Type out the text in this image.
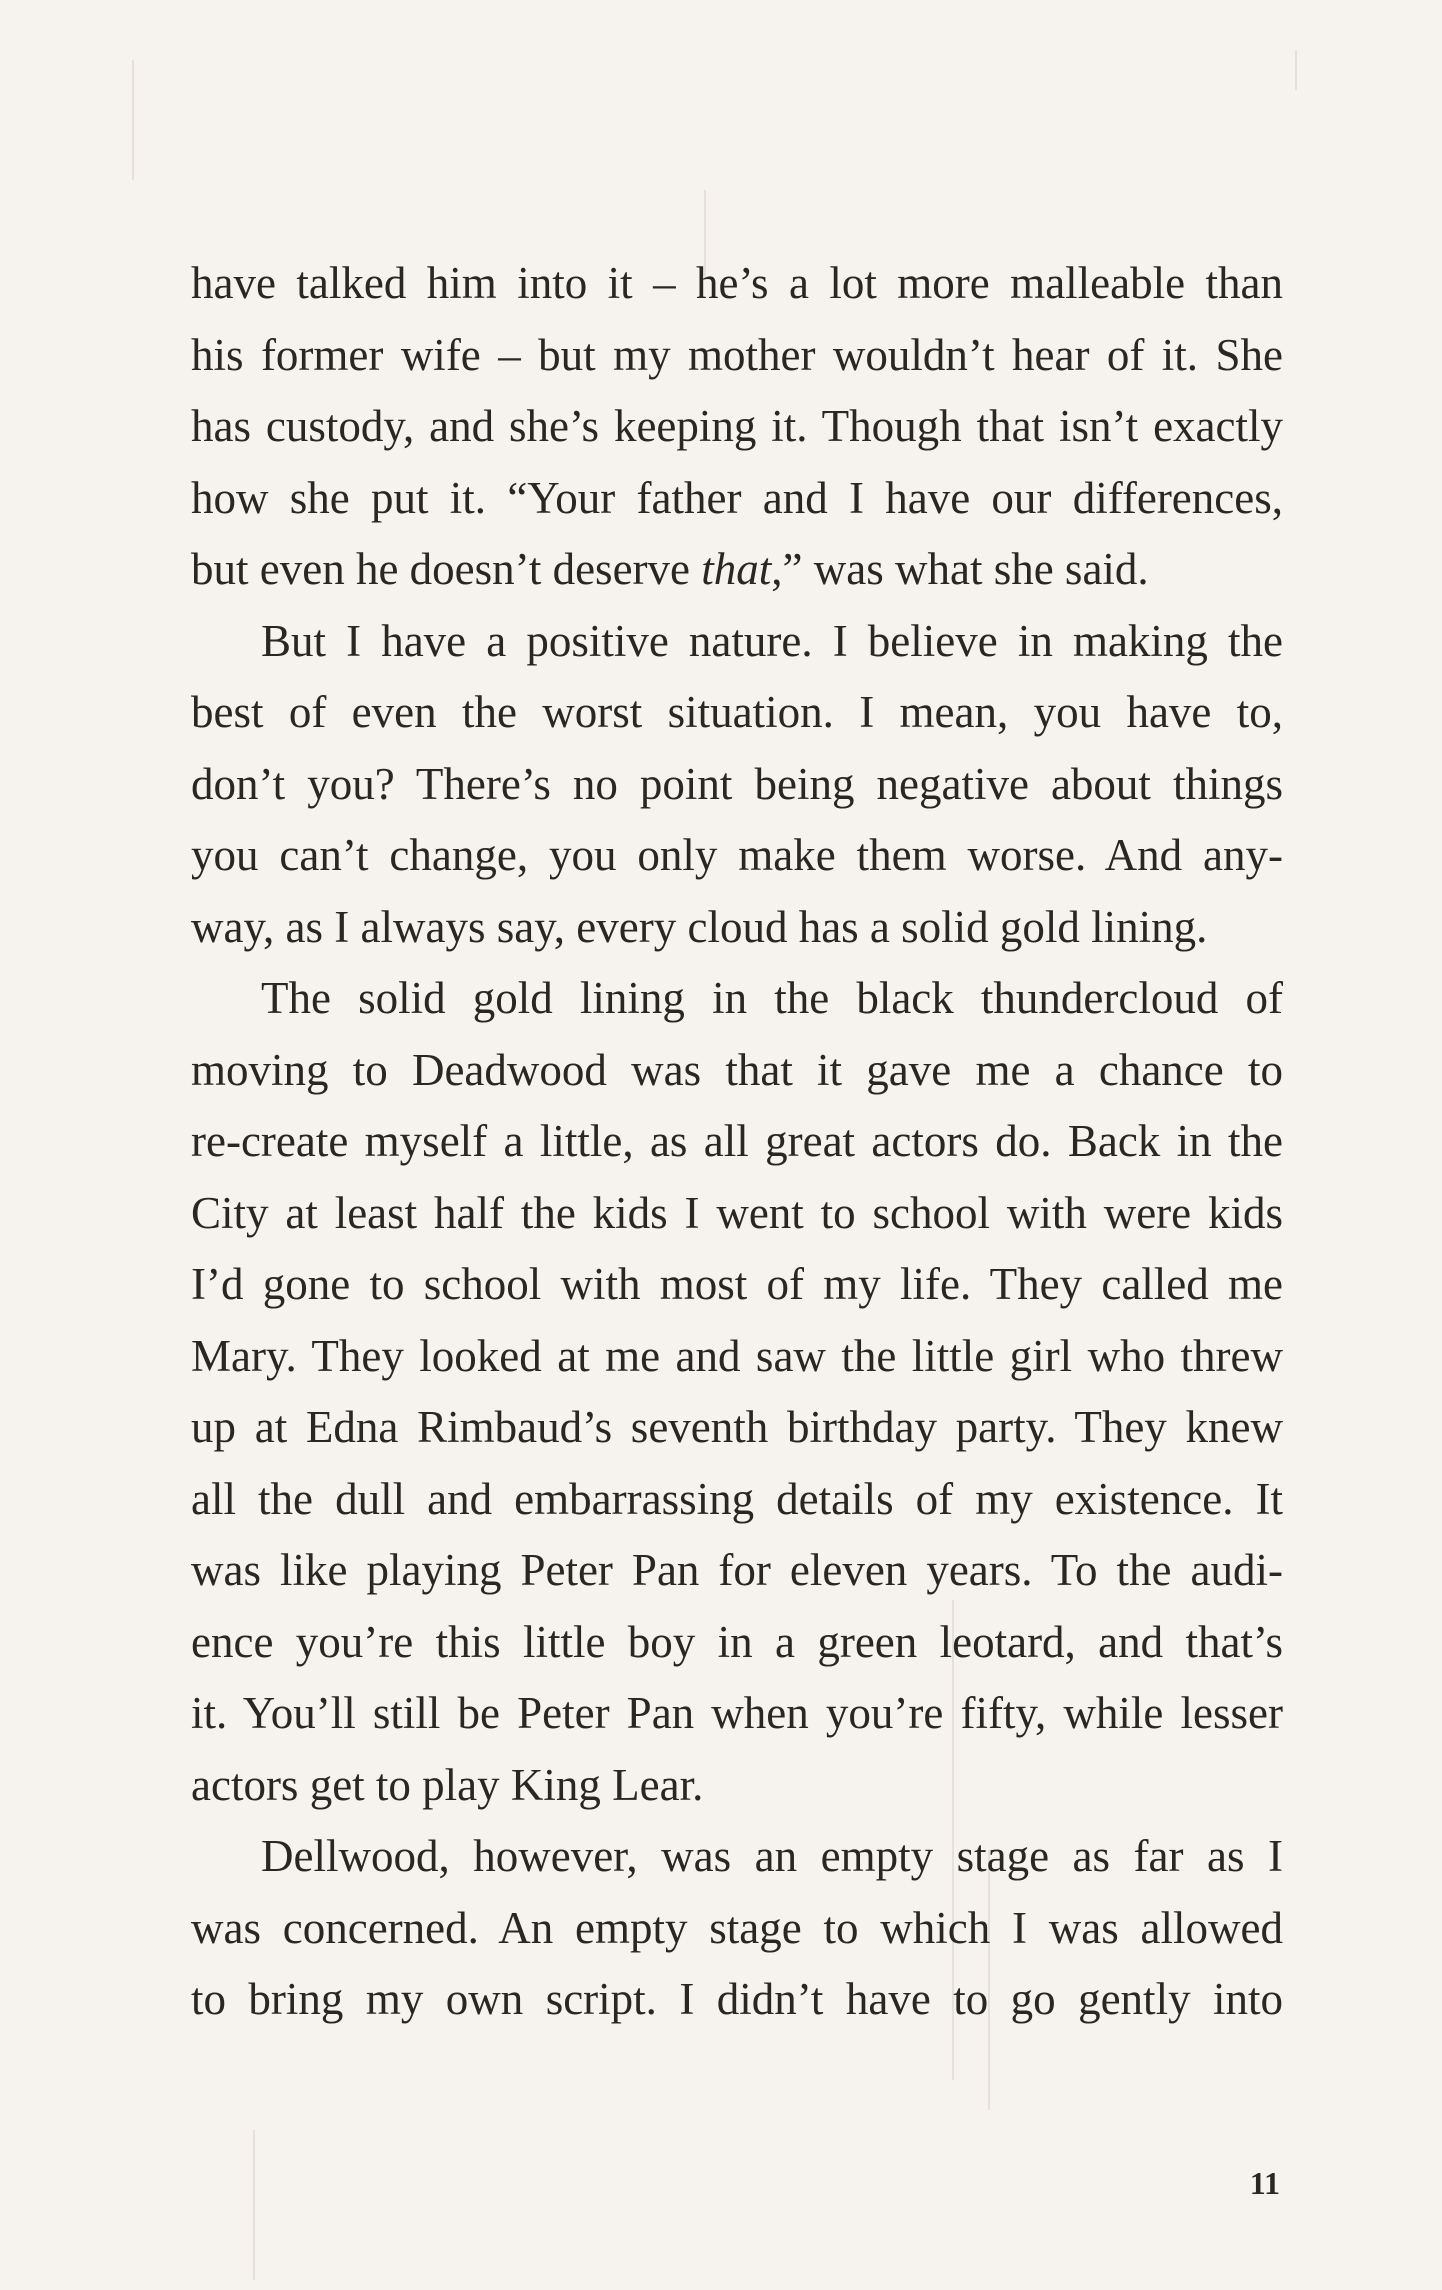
have talked him into it – he’s a lot more malleable than
his former wife – but my mother wouldn’t hear of it. She
has custody, and she’s keeping it. Though that isn’t exactly
how she put it. “Your father and I have our differences,
but even he doesn’t deserve that,” was what she said.
But I have a positive nature. I believe in making the
best of even the worst situation. I mean, you have to,
don’t you? There’s no point being negative about things
you can’t change, you only make them worse. And any-
way, as I always say, every cloud has a solid gold lining.
The solid gold lining in the black thundercloud of
moving to Deadwood was that it gave me a chance to
re-create myself a little, as all great actors do. Back in the
City at least half the kids I went to school with were kids
I’d gone to school with most of my life. They called me
Mary. They looked at me and saw the little girl who threw
up at Edna Rimbaud’s seventh birthday party. They knew
all the dull and embarrassing details of my existence. It
was like playing Peter Pan for eleven years. To the audi-
ence you’re this little boy in a green leotard, and that’s
it. You’ll still be Peter Pan when you’re fifty, while lesser
actors get to play King Lear.
Dellwood, however, was an empty stage as far as I
was concerned. An empty stage to which I was allowed
to bring my own script. I didn’t have to go gently into
11
